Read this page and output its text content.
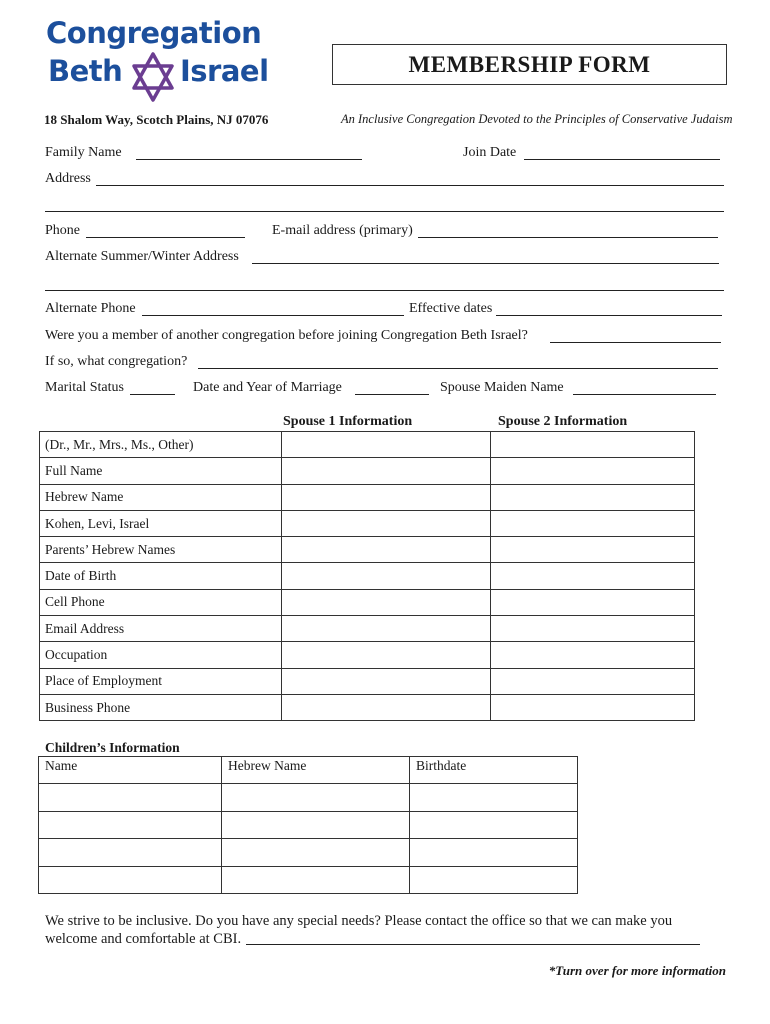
Congregation
Beth Israel	MEMBERSHIP FORM
18 Shalom Way, Scotch Plains, NJ 07076	An Inclusive Congregation Devoted to the Principles of Conservative Judaism
Family Name	Join Date
Address
Phone	E-mail address (primary)
Alternate Summer/Winter Address
Alternate Phone	Effective dates
Were you a member of another congregation before joining Congregation Beth Israel?
If so, what congregation?
Marital Status	Date and Year of Marriage	Spouse Maiden Name
Spouse 1 Information	Spouse 2 Information
(Dr., Mr., Mrs., Ms., Other)		
Full Name		
Hebrew Name		
Kohen, Levi, Israel		
Parents’ Hebrew Names		
Date of Birth		
Cell Phone		
Email Address		
Occupation		
Place of Employment		
Business Phone		
Children’s Information
Name	Hebrew Name	Birthdate

We strive to be inclusive. Do you have any special needs? Please contact the office so that we can make you
welcome and comfortable at CBI.
*Turn over for more information
